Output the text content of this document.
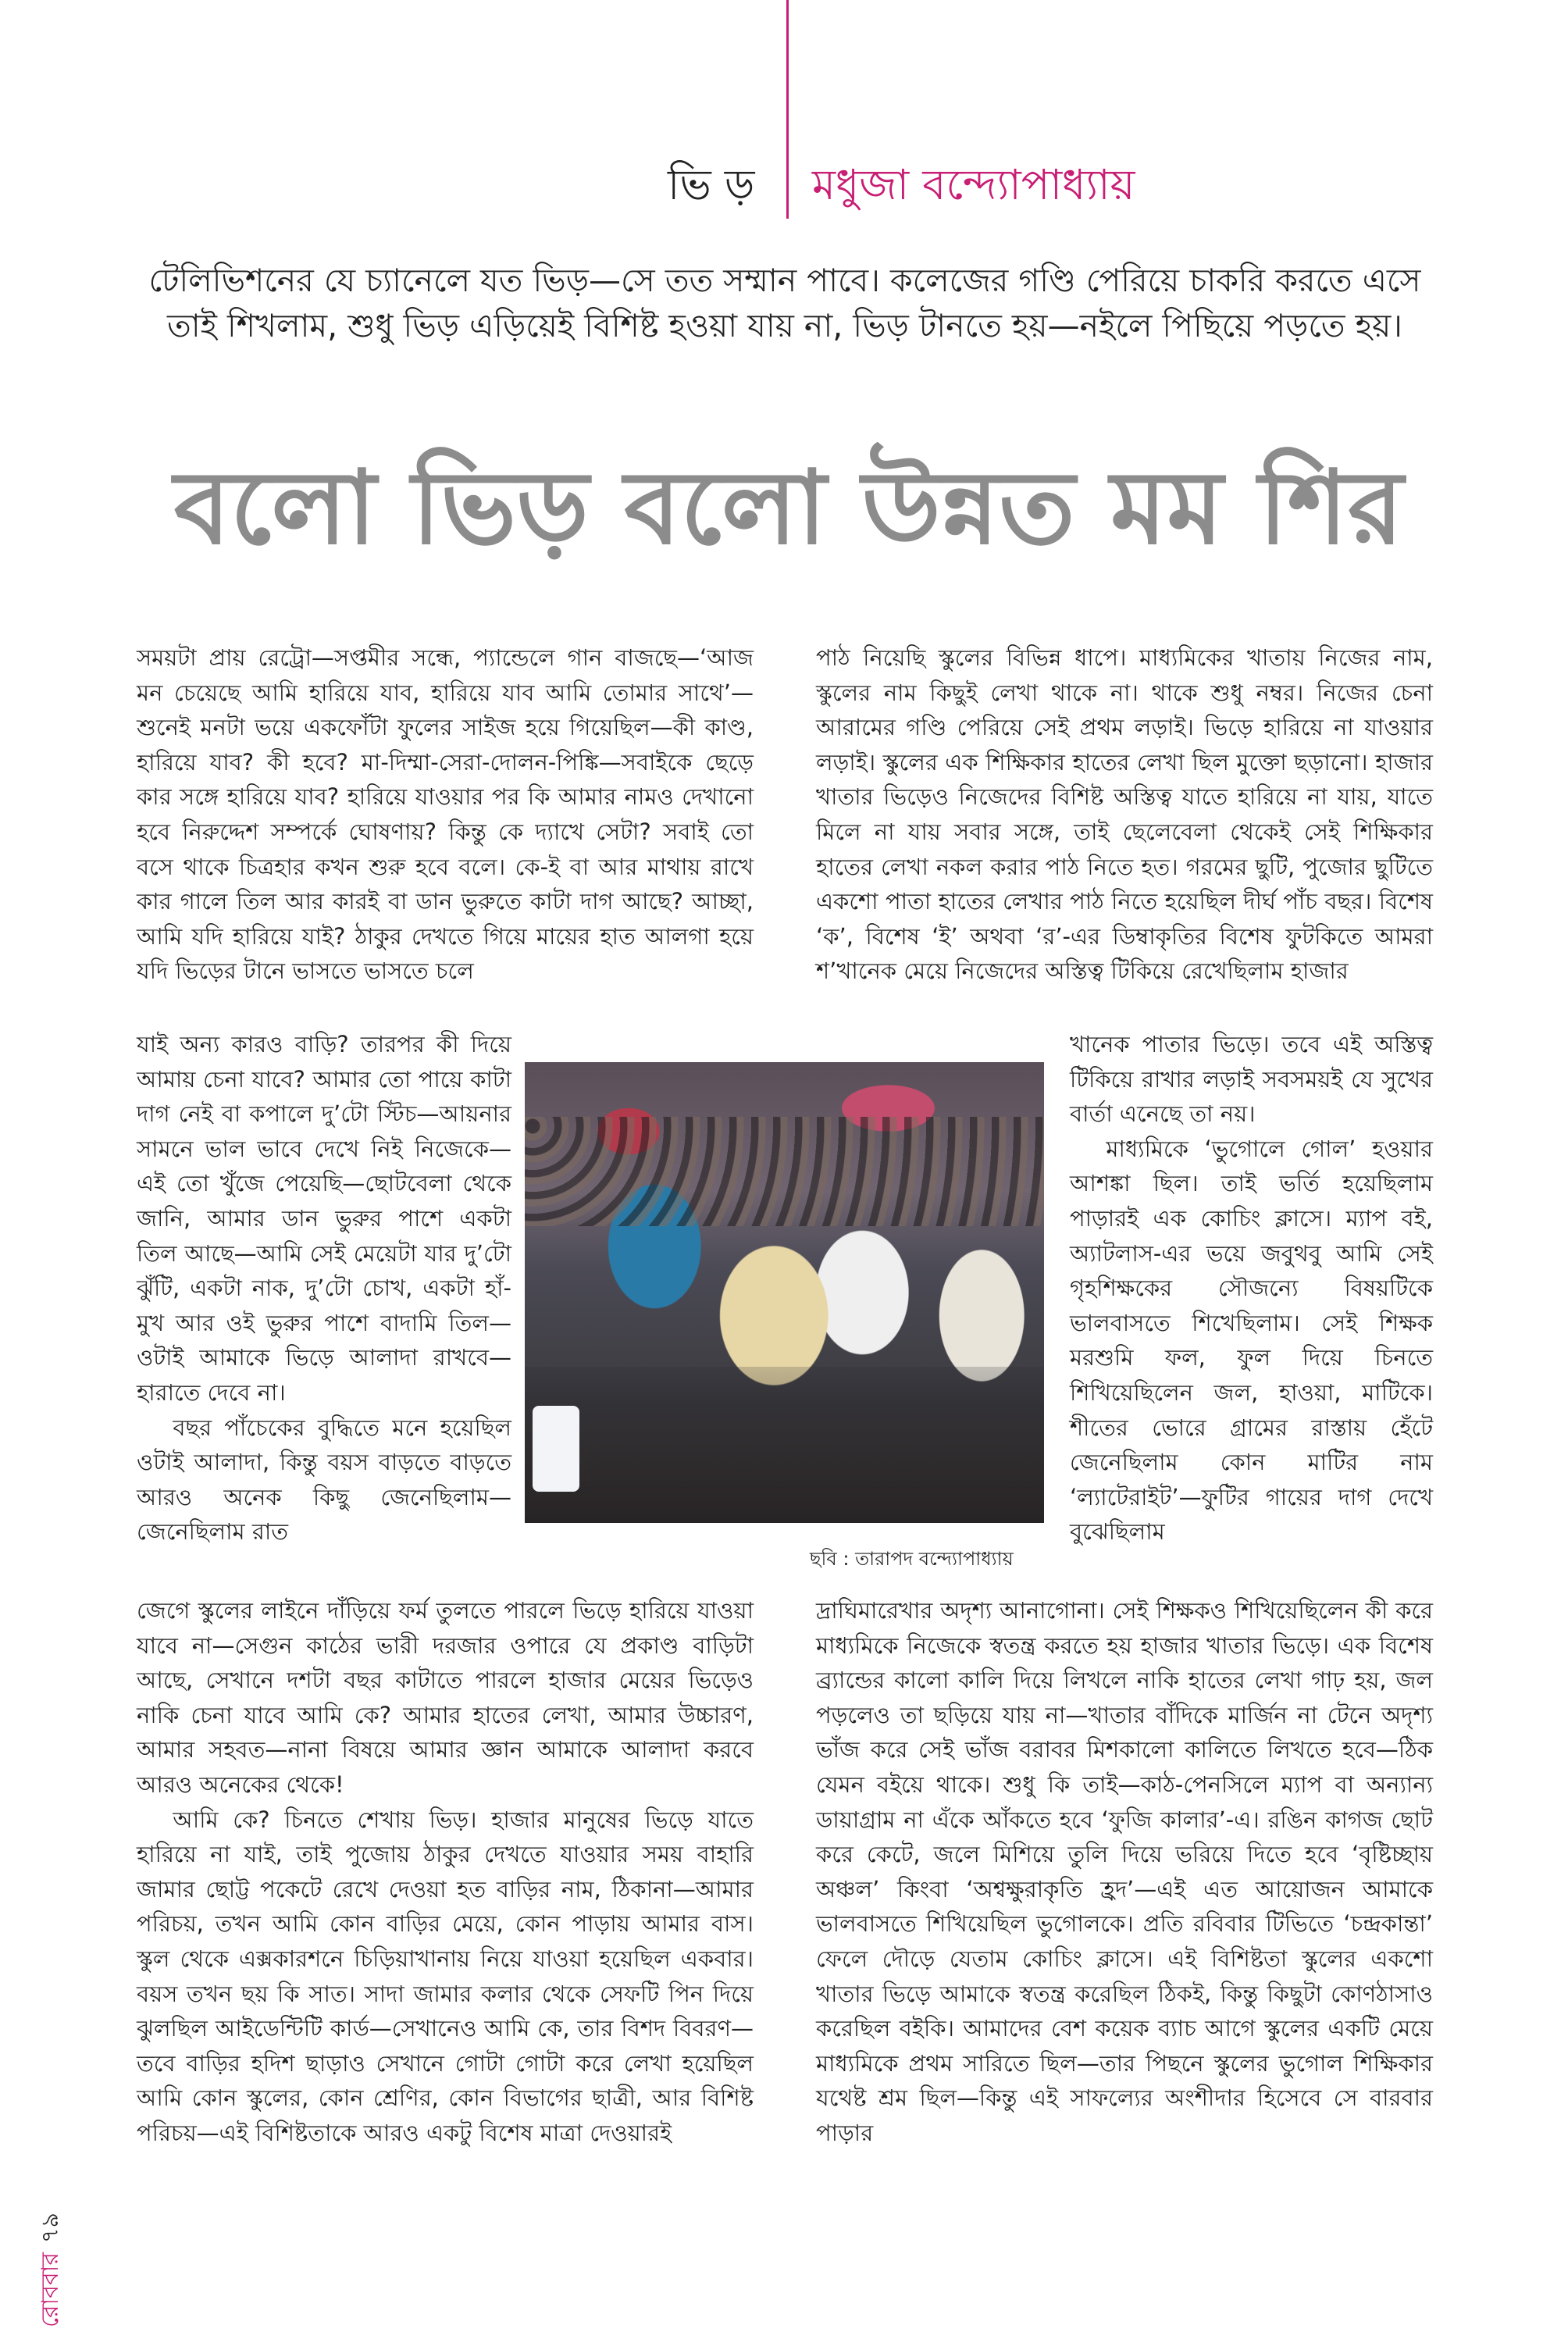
ভি ড় মধুজা বন্দ্যোপাধ্যায়
টেলিভিশনের যে চ্যানেলে যত ভিড়—সে তত সম্মান পাবে। কলেজের গণ্ডি পেরিয়ে চাকরি করতে এসে তাই শিখলাম, শুধু ভিড় এড়িয়েই বিশিষ্ট হওয়া যায় না, ভিড় টানতে হয়—নইলে পিছিয়ে পড়তে হয়।
বলো ভিড় বলো উন্নত মম শির

সময়টা প্রায় রেট্রো—সপ্তমীর সন্ধে, প্যান্ডেলে গান বাজছে—‘আজ মন চেয়েছে আমি হারিয়ে যাব, হারিয়ে যাব আমি তোমার সাথে’—শুনেই মনটা ভয়ে একফোঁটা ফুলের সাইজ হয়ে গিয়েছিল—কী কাণ্ড, হারিয়ে যাব? কী হবে? মা-দিম্মা-সেরা-দোলন-পিঙ্কি—সবাইকে ছেড়ে কার সঙ্গে হারিয়ে যাব? হারিয়ে যাওয়ার পর কি আমার নামও দেখানো হবে নিরুদ্দেশ সম্পর্কে ঘোষণায়? কিন্তু কে দ্যাখে সেটা? সবাই তো বসে থাকে চিত্রহার কখন শুরু হবে বলে। কে-ই বা আর মাথায় রাখে কার গালে তিল আর কারই বা ডান ভুরুতে কাটা দাগ আছে? আচ্ছা, আমি যদি হারিয়ে যাই? ঠাকুর দেখতে গিয়ে মায়ের হাত আলগা হয়ে যদি ভিড়ের টানে ভাসতে ভাসতে চলে

যাই অন্য কারও বাড়ি? তারপর কী দিয়ে আমায় চেনা যাবে? আমার তো পায়ে কাটা দাগ নেই বা কপালে দু’টো স্টিচ—আয়নার সামনে ভাল ভাবে দেখে নিই নিজেকে—এই তো খুঁজে পেয়েছি—ছোটবেলা থেকে জানি, আমার ডান ভুরুর পাশে একটা তিল আছে—আমি সেই মেয়েটা যার দু’টো ঝুঁটি, একটা নাক, দু’টো চোখ, একটা হাঁ-মুখ আর ওই ভুরুর পাশে বাদামি তিল—ওটাই আমাকে ভিড়ে আলাদা রাখবে—হারাতে দেবে না।

বছর পাঁচেকের বুদ্ধিতে মনে হয়েছিল ওটাই আলাদা, কিন্তু বয়স বাড়তে বাড়তে আরও অনেক কিছু জেনেছিলাম— জেনেছিলাম রাত

জেগে স্কুলের লাইনে দাঁড়িয়ে ফর্ম তুলতে পারলে ভিড়ে হারিয়ে যাওয়া যাবে না—সেগুন কাঠের ভারী দরজার ওপারে যে প্রকাণ্ড বাড়িটা আছে, সেখানে দশটা বছর কাটাতে পারলে হাজার মেয়ের ভিড়েও নাকি চেনা যাবে আমি কে? আমার হাতের লেখা, আমার উচ্চারণ, আমার সহবত—নানা বিষয়ে আমার জ্ঞান আমাকে আলাদা করবে আরও অনেকের থেকে!

আমি কে? চিনতে শেখায় ভিড়। হাজার মানুষের ভিড়ে যাতে হারিয়ে না যাই, তাই পুজোয় ঠাকুর দেখতে যাওয়ার সময় বাহারি জামার ছোট্ট পকেটে রেখে দেওয়া হত বাড়ির নাম, ঠিকানা—আমার পরিচয়, তখন আমি কোন বাড়ির মেয়ে, কোন পাড়ায় আমার বাস। স্কুল থেকে এক্সকারশনে চিড়িয়াখানায় নিয়ে যাওয়া হয়েছিল একবার। বয়স তখন ছয় কি সাত। সাদা জামার কলার থেকে সেফটি পিন দিয়ে ঝুলছিল আইডেন্টিটি কার্ড—সেখানেও আমি কে, তার বিশদ বিবরণ—তবে বাড়ির হদিশ ছাড়াও সেখানে গোটা গোটা করে লেখা হয়েছিল আমি কোন স্কুলের, কোন শ্রেণির, কোন বিভাগের ছাত্রী, আর বিশিষ্ট পরিচয়—এই বিশিষ্টতাকে আরও একটু বিশেষ মাত্রা দেওয়ারই

পাঠ নিয়েছি স্কুলের বিভিন্ন ধাপে। মাধ্যমিকের খাতায় নিজের নাম, স্কুলের নাম কিছুই লেখা থাকে না। থাকে শুধু নম্বর। নিজের চেনা আরামের গণ্ডি পেরিয়ে সেই প্রথম লড়াই। ভিড়ে হারিয়ে না যাওয়ার লড়াই। স্কুলের এক শিক্ষিকার হাতের লেখা ছিল মুক্তো ছড়ানো। হাজার খাতার ভিড়েও নিজেদের বিশিষ্ট অস্তিত্ব যাতে হারিয়ে না যায়, যাতে মিলে না যায় সবার সঙ্গে, তাই ছেলেবেলা থেকেই সেই শিক্ষিকার হাতের লেখা নকল করার পাঠ নিতে হত। গরমের ছুটি, পুজোর ছুটিতে একশো পাতা হাতের লেখার পাঠ নিতে হয়েছিল দীর্ঘ পাঁচ বছর। বিশেষ ‘ক’, বিশেষ ‘ই’ অথবা ‘র’-এর ডিম্বাকৃতির বিশেষ ফুটকিতে আমরা শ’খানেক মেয়ে নিজেদের অস্তিত্ব টিকিয়ে রেখেছিলাম হাজার

খানেক পাতার ভিড়ে। তবে এই অস্তিত্ব টিকিয়ে রাখার লড়াই সবসময়ই যে সুখের বার্তা এনেছে তা নয়।

মাধ্যমিকে ‘ভুগোলে গোল’ হওয়ার আশঙ্কা ছিল। তাই ভর্তি হয়েছিলাম পাড়ারই এক কোচিং ক্লাসে। ম্যাপ বই, অ্যাটলাস-এর ভয়ে জবুথবু আমি সেই গৃহশিক্ষকের সৌজন্যে বিষয়টিকে ভালবাসতে শিখেছিলাম। সেই শিক্ষক মরশুমি ফল, ফুল দিয়ে চিনতে শিখিয়েছিলেন জল, হাওয়া, মাটিকে। শীতের ভোরে গ্রামের রাস্তায় হেঁটে জেনেছিলাম কোন মাটির নাম ‘ল্যাটেরাইট’—ফুটির গায়ের দাগ দেখে বুঝেছিলাম

দ্রাঘিমারেখার অদৃশ্য আনাগোনা। সেই শিক্ষকও শিখিয়েছিলেন কী করে মাধ্যমিকে নিজেকে স্বতন্ত্র করতে হয় হাজার খাতার ভিড়ে। এক বিশেষ ব্র্যান্ডের কালো কালি দিয়ে লিখলে নাকি হাতের লেখা গাঢ় হয়, জল পড়লেও তা ছড়িয়ে যায় না—খাতার বাঁদিকে মার্জিন না টেনে অদৃশ্য ভাঁজ করে সেই ভাঁজ বরাবর মিশকালো কালিতে লিখতে হবে—ঠিক যেমন বইয়ে থাকে। শুধু কি তাই—কাঠ-পেনসিলে ম্যাপ বা অন্যান্য ডায়াগ্রাম না এঁকে আঁকতে হবে ‘ফুজি কালার’-এ। রঙিন কাগজ ছোট করে কেটে, জলে মিশিয়ে তুলি দিয়ে ভরিয়ে দিতে হবে ‘বৃষ্টিচ্ছায় অঞ্চল’ কিংবা ‘অশ্বক্ষুরাকৃতি হ্রদ’—এই এত আয়োজন আমাকে ভালবাসতে শিখিয়েছিল ভুগোলকে। প্রতি রবিবার টিভিতে ‘চন্দ্রকান্তা’ ফেলে দৌড়ে যেতাম কোচিং ক্লাসে। এই বিশিষ্টতা স্কুলের একশো খাতার ভিড়ে আমাকে স্বতন্ত্র করেছিল ঠিকই, কিন্তু কিছুটা কোণঠাসাও করেছিল বইকি। আমাদের বেশ কয়েক ব্যাচ আগে স্কুলের একটি মেয়ে মাধ্যমিকে প্রথম সারিতে ছিল—তার পিছনে স্কুলের ভুগোল শিক্ষিকার যথেষ্ট শ্রম ছিল—কিন্তু এই সাফল্যের অংশীদার হিসেবে সে বারবার পাড়ার

ছবি : তারাপদ বন্দ্যোপাধ্যায়
রোববার৭৯
